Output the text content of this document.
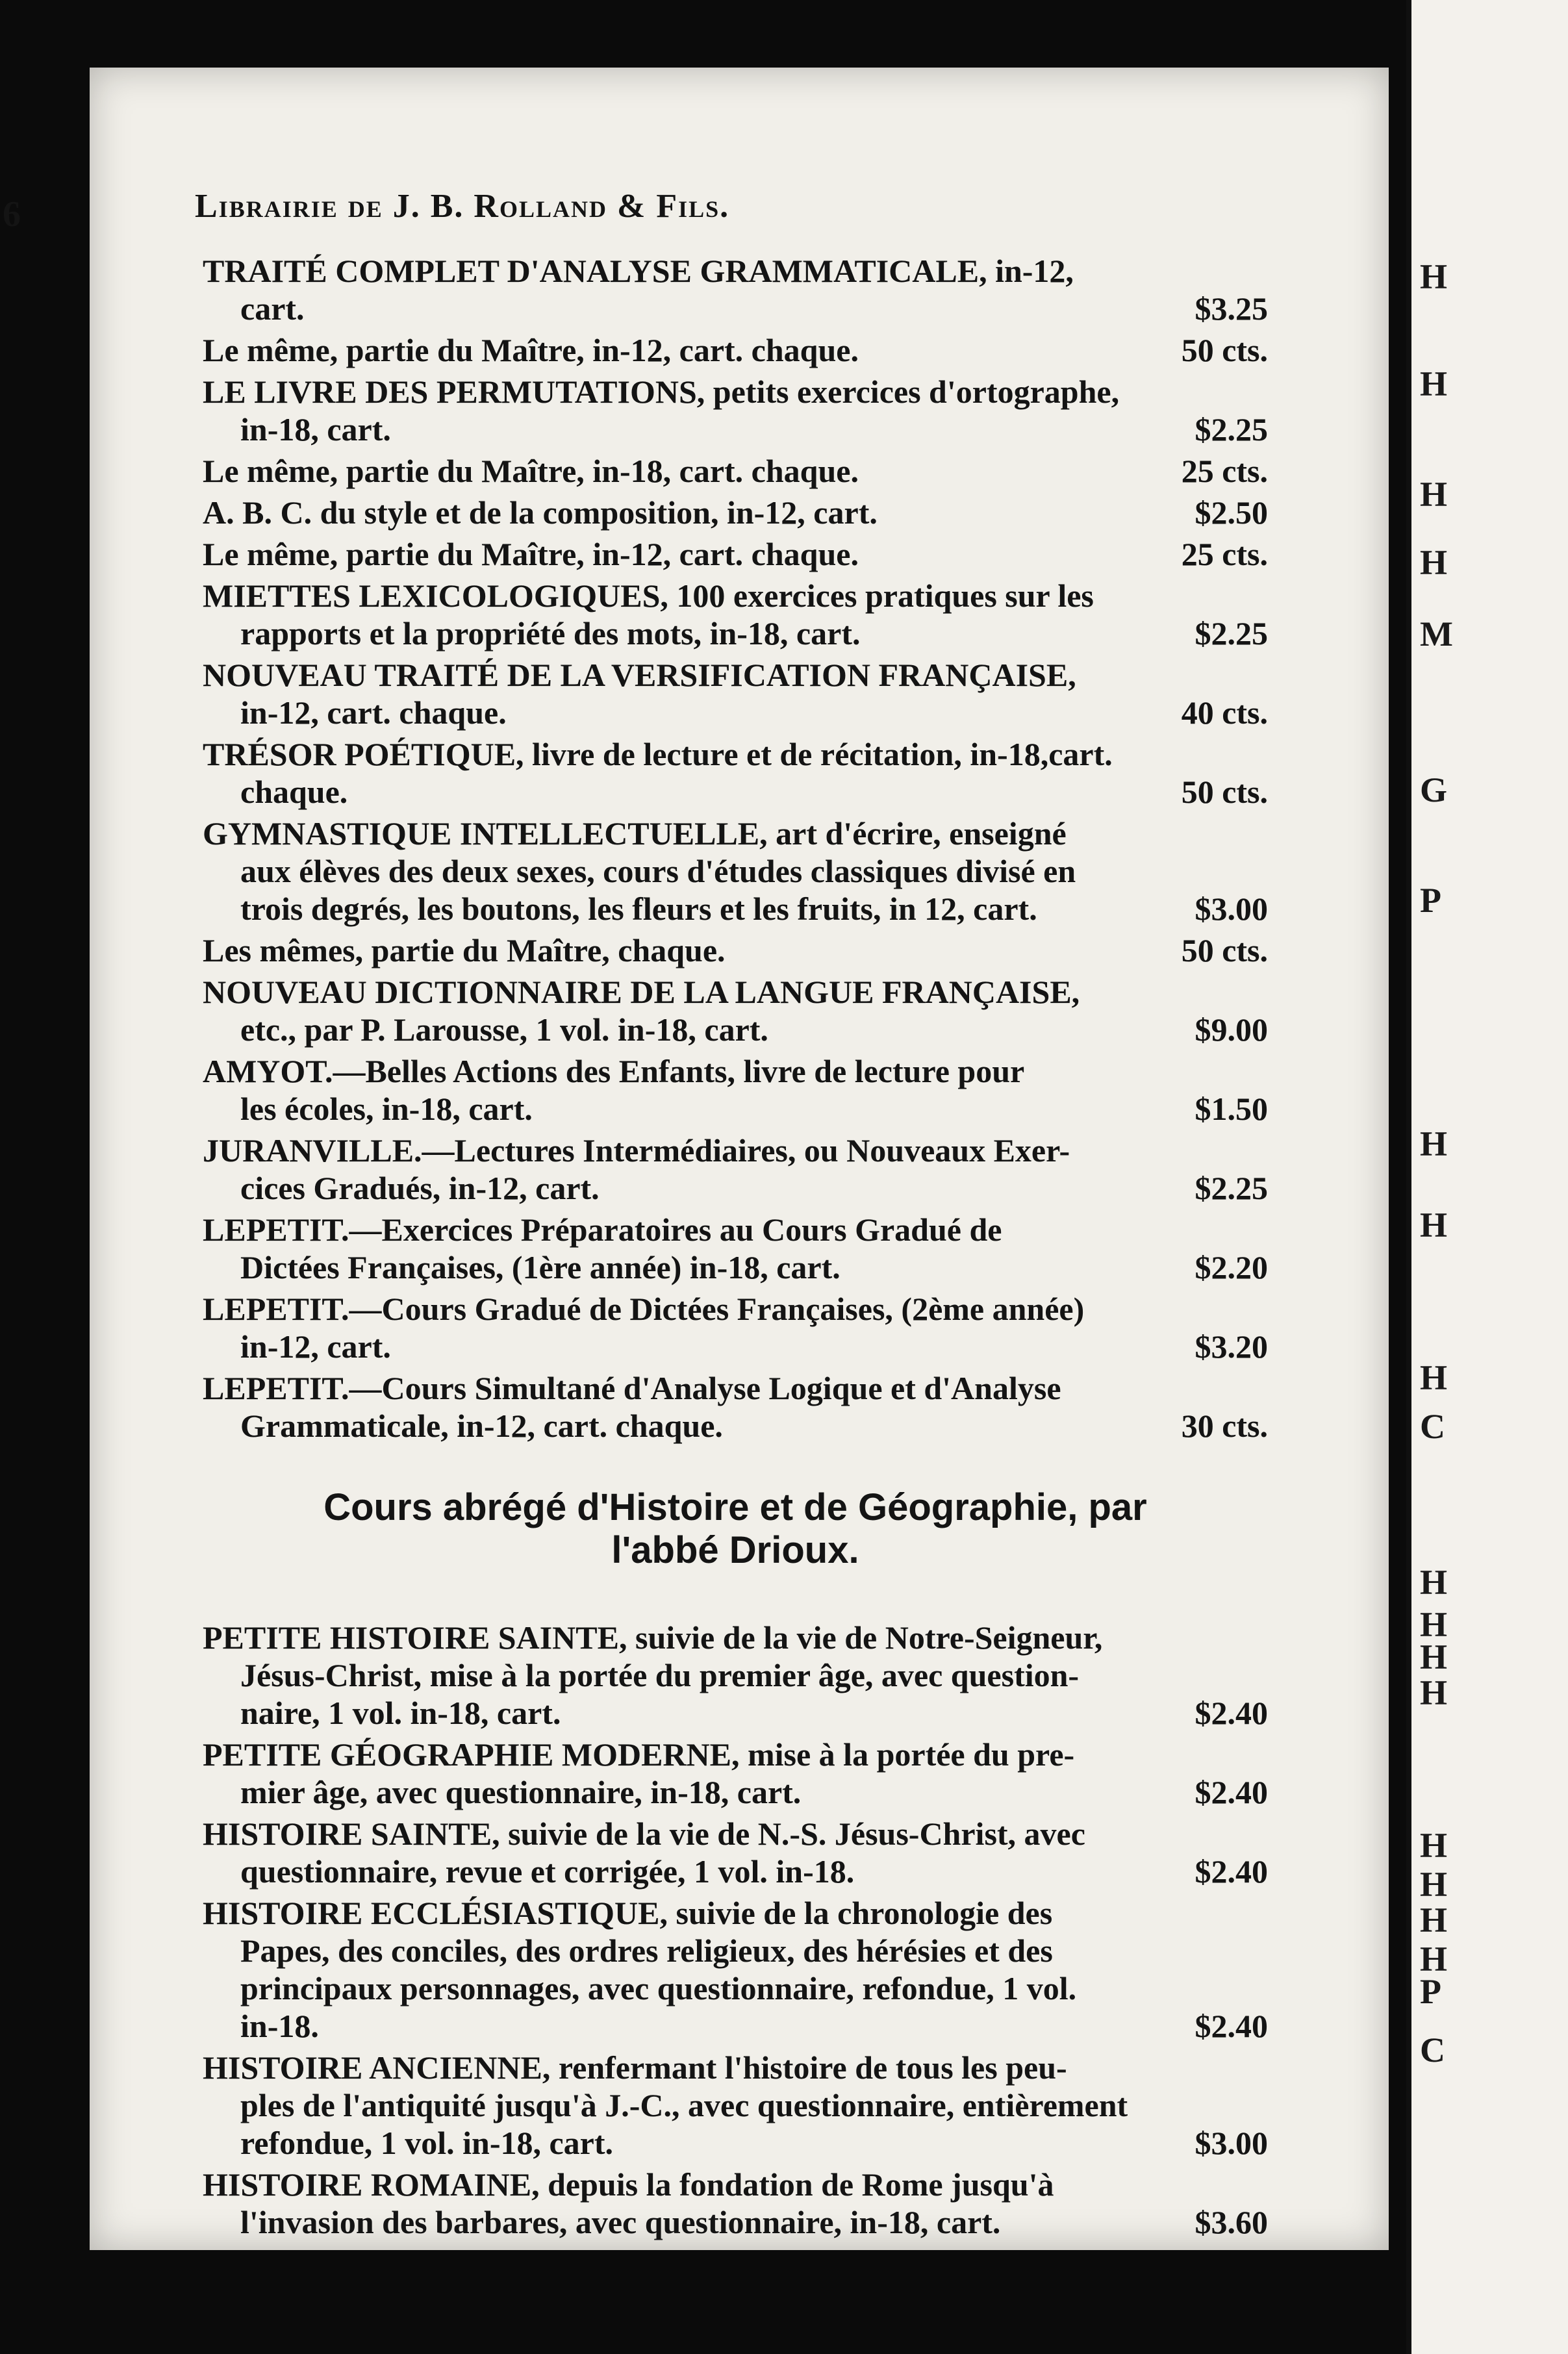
H
H
H
H
M
G
P
H
H
H
C
H
H
H
H
H
H
H
H
P
C
6	Librairie de J. B. Rolland & Fils.
TRAITÉ COMPLET D'ANALYSE GRAMMATICALE, in-12,
cart.	$3.25
Le même, partie du Maître, in-12, cart. chaque.	50 cts.
LE LIVRE DES PERMUTATIONS, petits exercices d'ortographe,
in-18, cart.	$2.25
Le même, partie du Maître, in-18, cart. chaque.	25 cts.
A. B. C. du style et de la composition, in-12, cart.	$2.50
Le même, partie du Maître, in-12, cart. chaque.	25 cts.
MIETTES LEXICOLOGIQUES, 100 exercices pratiques sur les
rapports et la propriété des mots, in-18, cart.	$2.25
NOUVEAU TRAITÉ DE LA VERSIFICATION FRANÇAISE,
in-12, cart. chaque.	40 cts.
TRÉSOR POÉTIQUE, livre de lecture et de récitation, in-18,cart.
chaque.	50 cts.
GYMNASTIQUE INTELLECTUELLE, art d'écrire, enseigné
aux élèves des deux sexes, cours d'études classiques divisé en
trois degrés, les boutons, les fleurs et les fruits, in 12, cart.	$3.00
Les mêmes, partie du Maître, chaque.	50 cts.
NOUVEAU DICTIONNAIRE DE LA LANGUE FRANÇAISE,
etc., par P. Larousse, 1 vol. in-18, cart.	$9.00
AMYOT.—Belles Actions des Enfants, livre de lecture pour
les écoles, in-18, cart.	$1.50
JURANVILLE.—Lectures Intermédiaires, ou Nouveaux Exer-
cices Gradués, in-12, cart.	$2.25
LEPETIT.—Exercices Préparatoires au Cours Gradué de
Dictées Françaises, (1ère année) in-18, cart.	$2.20
LEPETIT.—Cours Gradué de Dictées Françaises, (2ème année)
in-12, cart.	$3.20
LEPETIT.—Cours Simultané d'Analyse Logique et d'Analyse
Grammaticale, in-12, cart. chaque.	30 cts.
Cours abrégé d'Histoire et de Géographie, par
l'abbé Drioux.
PETITE HISTOIRE SAINTE, suivie de la vie de Notre-Seigneur,
Jésus-Christ, mise à la portée du premier âge, avec question-
naire, 1 vol. in-18, cart.	$2.40
PETITE GÉOGRAPHIE MODERNE, mise à la portée du pre-
mier âge, avec questionnaire, in-18, cart.	$2.40
HISTOIRE SAINTE, suivie de la vie de N.-S. Jésus-Christ, avec
questionnaire, revue et corrigée, 1 vol. in-18.	$2.40
HISTOIRE ECCLÉSIASTIQUE, suivie de la chronologie des
Papes, des conciles, des ordres religieux, des hérésies et des
principaux personnages, avec questionnaire, refondue, 1 vol.
in-18.	$2.40
HISTOIRE ANCIENNE, renfermant l'histoire de tous les peu-
ples de l'antiquité jusqu'à J.-C., avec questionnaire, entièrement
refondue, 1 vol. in-18, cart.	$3.00
HISTOIRE ROMAINE, depuis la fondation de Rome jusqu'à
l'invasion des barbares, avec questionnaire, in-18, cart.	$3.60
